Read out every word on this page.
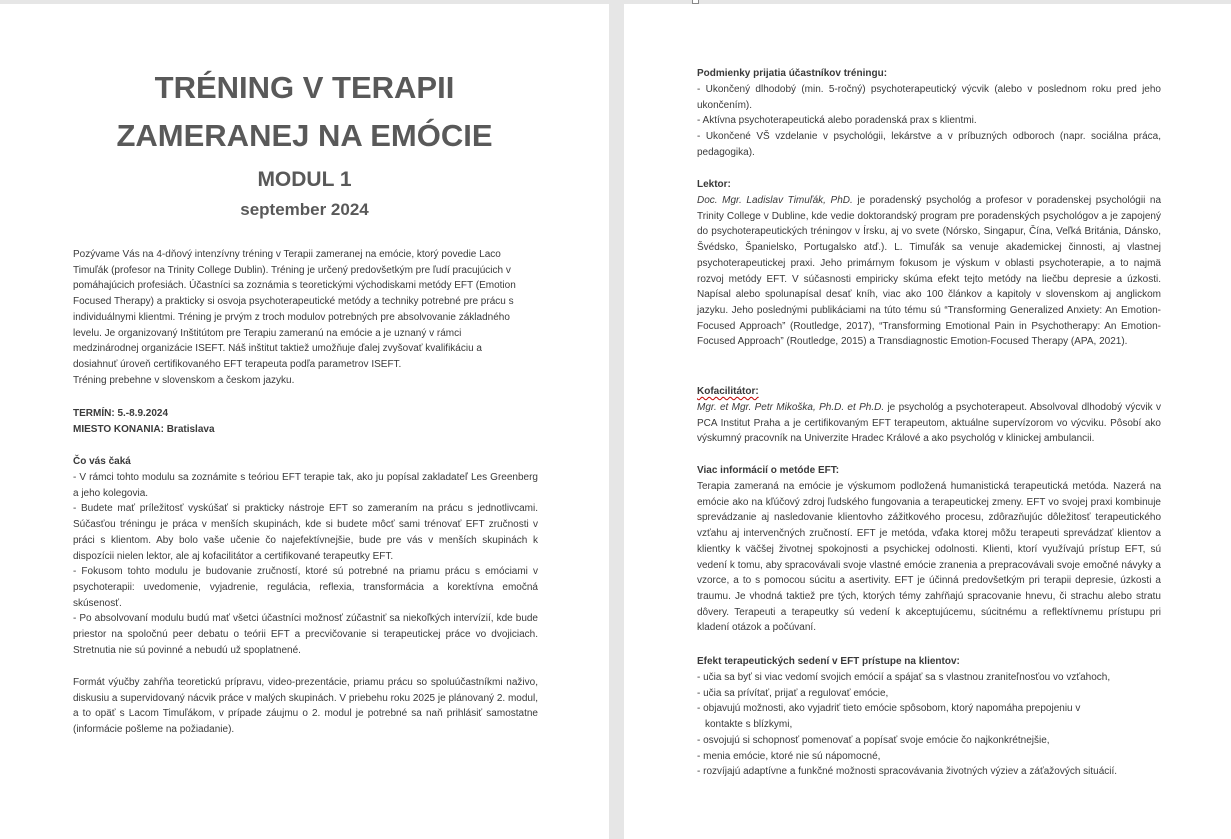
TRÉNING V TERAPII
ZAMERANEJ NA EMÓCIE
MODUL 1
september 2024

Pozývame Vás na 4-dňový intenzívny tréning v Terapii zameranej na emócie, ktorý povedie Laco

Timuľák (profesor na Trinity College Dublin). Tréning je určený predovšetkým pre ľudí pracujúcich v

pomáhajúcich profesiách. Účastníci sa zoznámia s teoretickými východiskami metódy EFT (Emotion

Focused Therapy) a prakticky si osvoja psychoterapeutické metódy a techniky potrebné pre prácu s

individuálnymi klientmi. Tréning je prvým z troch modulov potrebných pre absolvovanie základného

levelu. Je organizovaný Inštitútom pre Terapiu zameranú na emócie a je uznaný v rámci

medzinárodnej organizácie ISEFT. Náš inštitut taktiež umožňuje ďalej zvyšovať kvalifikáciu a

dosiahnuť úroveň certifikovaného EFT terapeuta podľa parametrov ISEFT.

Tréning prebehne v slovenskom a českom jazyku.

TERMÍN: 5.-8.9.2024
MIESTO KONANIA: Bratislava
Čo vás čaká

- V rámci tohto modulu sa zoznámite s teóriou EFT terapie tak, ako ju popísal zakladateľ Les Greenberg a jeho kolegovia.

- Budete mať príležitosť vyskúšať si prakticky nástroje EFT so zameraním na prácu s jednotlivcami. Súčasťou tréningu je práca v menších skupinách, kde si budete môcť sami trénovať EFT zručnosti v práci s klientom. Aby bolo vaše učenie čo najefektívnejšie, bude pre vás v menších skupinách k dispozícii nielen lektor, ale aj kofacilitátor a certifikované terapeutky EFT.

- Fokusom tohto modulu je budovanie zručností, ktoré sú potrebné na priamu prácu s emóciami v psychoterapii: uvedomenie, vyjadrenie, regulácia, reflexia, transformácia a korektívna emočná skúsenosť.

- Po absolvovaní modulu budú mať všetci účastníci možnosť zúčastniť sa niekoľkých intervízií, kde bude priestor na spoločnú peer debatu o teórii EFT a precvičovanie si terapeutickej práce vo dvojiciach. Stretnutia nie sú povinné a nebudú už spoplatnené.

Formát výučby zahŕňa teoretickú prípravu, video-prezentácie, priamu prácu so spoluúčastníkmi naživo, diskusiu a supervidovaný nácvik práce v malých skupinách. V priebehu roku 2025 je plánovaný 2. modul, a to opäť s Lacom Timuľákom, v prípade záujmu o 2. modul je potrebné sa naň prihlásiť samostatne (informácie pošleme na požiadanie).
Podmienky prijatia účastníkov tréningu:

- Ukončený dlhodobý (min. 5-ročný) psychoterapeutický výcvik (alebo v poslednom roku pred jeho ukončením).

- Aktívna psychoterapeutická alebo poradenská prax s klientmi.

- Ukončené VŠ vzdelanie v psychológii, lekárstve a v príbuzných odboroch (napr. sociálna práca, pedagogika).

Lektor:
Doc. Mgr. Ladislav Timuľák, PhD. je poradenský psychológ a profesor v poradenskej psychológii na Trinity College v Dubline, kde vedie doktorandský program pre poradenských psychológov a je zapojený do psychoterapeutických tréningov v Írsku, aj vo svete (Nórsko, Singapur, Čína, Veľká Británia, Dánsko, Švédsko, Španielsko, Portugalsko atď.). L. Timuľák sa venuje akademickej činnosti, aj vlastnej psychoterapeutickej praxi. Jeho primárnym fokusom je výskum v oblasti psychoterapie, a to najmä rozvoj metódy EFT. V súčasnosti empiricky skúma efekt tejto metódy na liečbu depresie a úzkosti. Napísal alebo spolunapísal desať kníh, viac ako 100 článkov a kapitoly v slovenskom aj anglickom jazyku. Jeho poslednými publikáciami na túto tému sú “Transforming Generalized Anxiety: An Emotion-Focused Approach” (Routledge, 2017), “Transforming Emotional Pain in Psychotherapy: An Emotion-Focused Approach” (Routledge, 2015) a Transdiagnostic Emotion-Focused Therapy (APA, 2021).
Kofacilitátor:
Mgr. et Mgr. Petr Mikoška, Ph.D. et Ph.D. je psychológ a psychoterapeut. Absolvoval dlhodobý výcvik v PCA Institut Praha a je certifikovaným EFT terapeutom, aktuálne supervízorom vo výcviku. Pôsobí ako výskumný pracovník na Univerzite Hradec Králové a ako psychológ v klinickej ambulancii.
Viac informácií o metóde EFT:
Terapia zameraná na emócie je výskumom podložená humanistická terapeutická metóda. Nazerá na emócie ako na kľúčový zdroj ľudského fungovania a terapeutickej zmeny. EFT vo svojej praxi kombinuje sprevádzanie aj nasledovanie klientovho zážitkového procesu, zdôrazňujúc dôležitosť terapeutického vzťahu aj intervenčných zručností. EFT je metóda, vďaka ktorej môžu terapeuti sprevádzať klientov a klientky k väčšej životnej spokojnosti a psychickej odolnosti. Klienti, ktorí využívajú prístup EFT, sú vedení k tomu, aby spracovávali svoje vlastné emócie zranenia a prepracovávali svoje emočné návyky a vzorce, a to s pomocou súcitu a asertivity. EFT je účinná predovšetkým pri terapii depresie, úzkosti a traumu. Je vhodná taktiež pre tých, ktorých témy zahŕňajú spracovanie hnevu, či strachu alebo stratu dôvery. Terapeuti a terapeutky sú vedení k akceptujúcemu, súcitnému a reflektívnemu prístupu pri kladení otázok a počúvaní.
Efekt terapeutických sedení v EFT prístupe na klientov:

- učia sa byť si viac vedomí svojich emócií a spájať sa s vlastnou zraniteľnosťou vo vzťahoch,

- učia sa prívítať, prijať a regulovať emócie,

- objavujú možnosti, ako vyjadriť tieto emócie spôsobom, ktorý napomáha prepojeniu v

kontakte s blízkymi,

- osvojujú si schopnosť pomenovať a popísať svoje emócie čo najkonkrétnejšie,

- menia emócie, ktoré nie sú nápomocné,

- rozvíjajú adaptívne a funkčné možnosti spracovávania životných výziev a záťažových situácií.
